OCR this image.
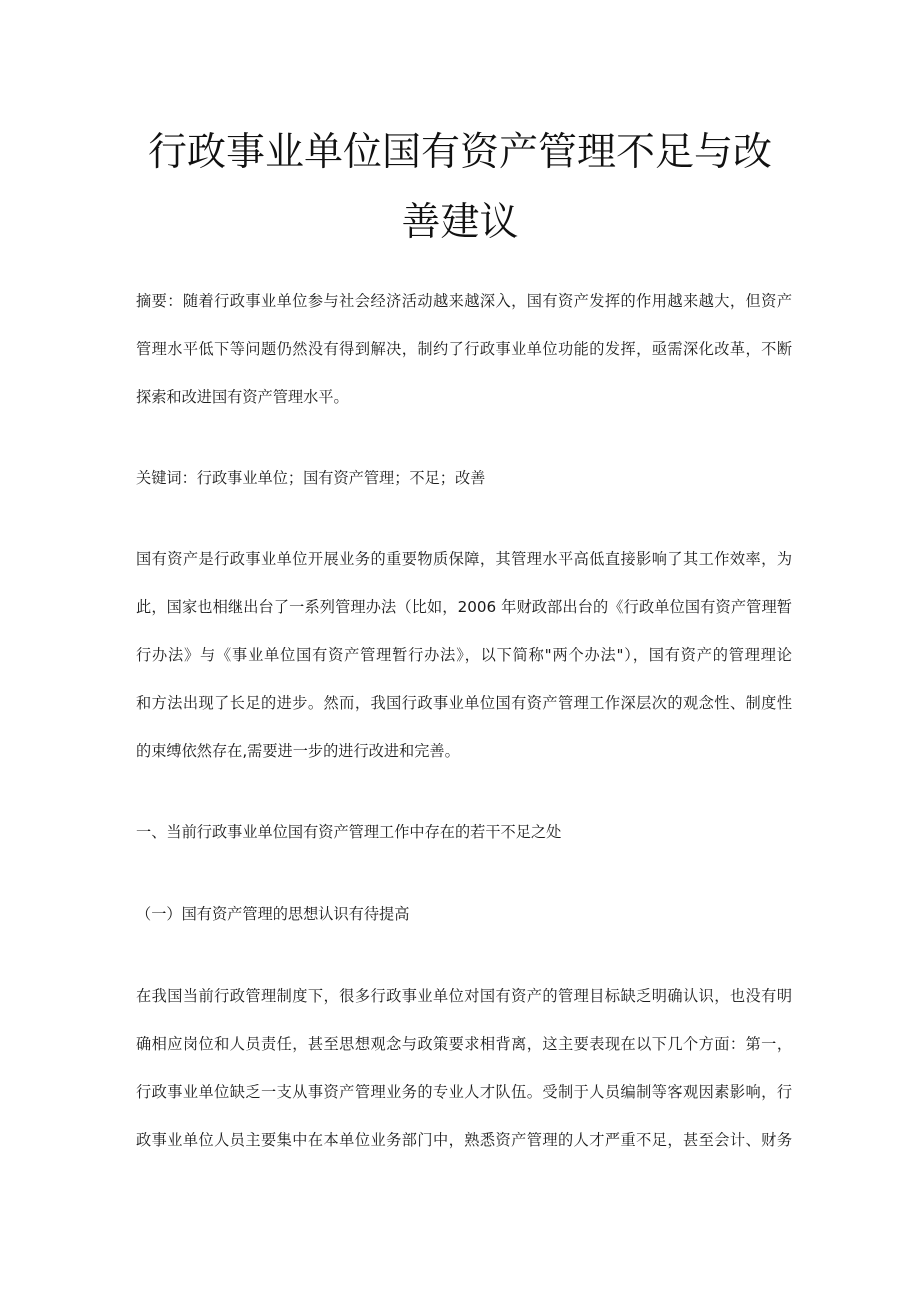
行政事业单位国有资产管理不足与改
善建议
摘要：随着行政事业单位参与社会经济活动越来越深入，国有资产发挥的作用越来越大，但资产
管理水平低下等问题仍然没有得到解决，制约了行政事业单位功能的发挥，亟需深化改革，不断
探索和改进国有资产管理水平。
关键词：行政事业单位；国有资产管理；不足；改善
国有资产是行政事业单位开展业务的重要物质保障，其管理水平高低直接影响了其工作效率，为
此，国家也相继出台了一系列管理办法（比如，2006 年财政部出台的《行政单位国有资产管理暂
行办法》与《事业单位国有资产管理暂行办法》，以下简称"两个办法"），国有资产的管理理论
和方法出现了长足的进步。然而，我国行政事业单位国有资产管理工作深层次的观念性、制度性
的束缚依然存在,需要进一步的进行改进和完善。
一、当前行政事业单位国有资产管理工作中存在的若干不足之处
（一）国有资产管理的思想认识有待提高
在我国当前行政管理制度下，很多行政事业单位对国有资产的管理目标缺乏明确认识，也没有明
确相应岗位和人员责任，甚至思想观念与政策要求相背离，这主要表现在以下几个方面：第一，
行政事业单位缺乏一支从事资产管理业务的专业人才队伍。受制于人员编制等客观因素影响，行
政事业单位人员主要集中在本单位业务部门中，熟悉资产管理的人才严重不足，甚至会计、财务
